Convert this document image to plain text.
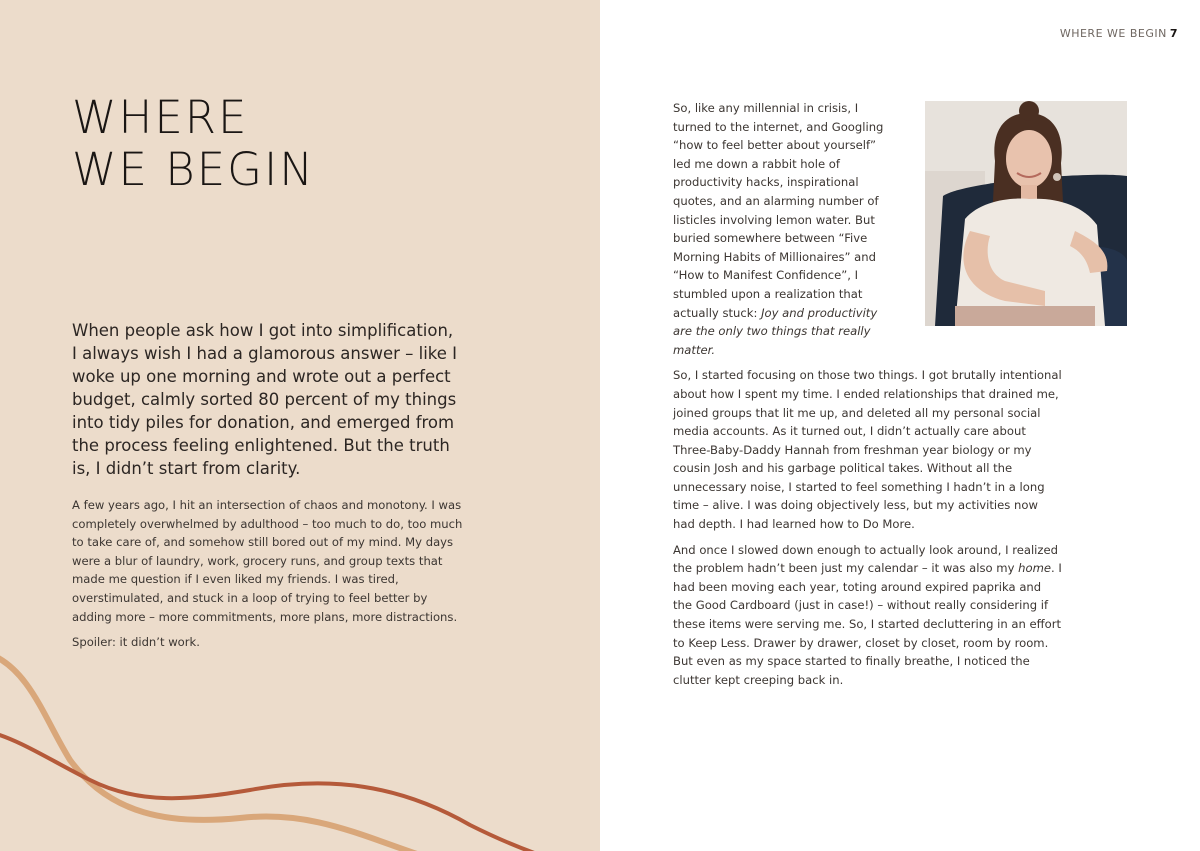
WHERE
WE BEGIN

When people ask how I got into simplification, I always wish I had a glamorous answer – like I woke up one morning and wrote out a perfect budget, calmly sorted 80 percent of my things into tidy piles for donation, and emerged from the process feeling enlightened. But the truth is, I didn’t start from clarity.

A few years ago, I hit an intersection of chaos and monotony. I was completely overwhelmed by adulthood – too much to do, too much to take care of, and somehow still bored out of my mind. My days were a blur of laundry, work, grocery runs, and group texts that made me question if I even liked my friends. I was tired, overstimulated, and stuck in a loop of trying to feel better by adding more – more commitments, more plans, more distractions.

Spoiler: it didn’t work.

WHERE WE BEGIN 7

So, like any millennial in crisis, I turned to the internet, and Googling “how to feel better about yourself” led me down a rabbit hole of productivity hacks, inspirational quotes, and an alarming number of listicles involving lemon water. But buried somewhere between “Five Morning Habits of Millionaires” and “How to Manifest Confidence”, I stumbled upon a realization that actually stuck: Joy and productivity are the only two things that really matter.

So, I started focusing on those two things. I got brutally intentional about how I spent my time. I ended relationships that drained me, joined groups that lit me up, and deleted all my personal social media accounts. As it turned out, I didn’t actually care about Three-Baby-Daddy Hannah from freshman year biology or my cousin Josh and his garbage political takes. Without all the unnecessary noise, I started to feel something I hadn’t in a long time – alive. I was doing objectively less, but my activities now had depth. I had learned how to Do More.

And once I slowed down enough to actually look around, I realized the problem hadn’t been just my calendar – it was also my home. I had been moving each year, toting around expired paprika and the Good Cardboard (just in case!) – without really considering if these items were serving me. So, I started decluttering in an effort to Keep Less. Drawer by drawer, closet by closet, room by room. But even as my space started to finally breathe, I noticed the clutter kept creeping back in.
